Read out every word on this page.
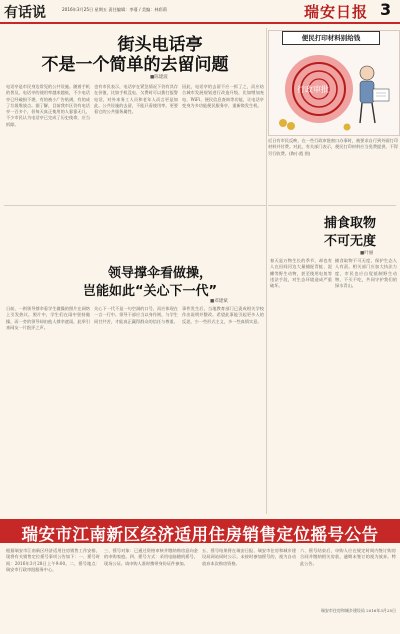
有话说	2016年3月25日 星期五 责任编辑：李蔓 / 美编：林彩莉	瑞安日报 3
街头电话亭
不是一个简单的去留问题
■陈建波
电话亭是市民身边常见的公共设施。随着手机的普及，电话亭的使用率越来越低，不少电话亭已经破损不堪，有的被小广告贴满，有的成了垃圾堆放点。据了解，目前我市区仍有电话亭一百多个，但每天真正使用的人寥寥无几，不少市民认为电话亭已完成了历史使命，应当拆除。
也有市民表示，电话亭在紧急情况下仍有其存在价值，比如手机没电、欠费时可以拨打报警电话，对外来务工人员和老年人而言更是如此。公共设施的去留，不能只看使用率，更要看它的公共服务属性。
因此，电话亭的去留不应一拆了之，而应结合城市发展规划进行改造升级，比如增加充电、WiFi、便民信息查询等功能，让电话亭变身为多功能便民服务亭，重新焕发生机。
行政审批
便民打印材料别给钱
近日有市民反映，在一些行政审批窗口办事时，被要求自行到外面打印材料并付费。对此，有关部门表示，便民打印材料应当免费提供，不得另行收费。(陶小霞 图)
捕食取物
不可无度
■叶丽
春天是万物生长的季节，却也有人在田间河边大量捕捉青蛙、泥鳅等野生动物，甚至使用电鱼等违法手段，对生态环境造成严重破坏。
捕食取物不可无度，保护生态人人有责。相关部门应加大执法力度，市民也应自觉抵制野生动物，不买不吃，共同守护我们的绿水青山。
领导撑伞看做操，
岂能如此“关心下一代”
■邓建斌
日前，一则领导撑伞看学生做操的照片在网络上引发热议。照片中，学生们在雨中坚持做操，而一旁的领导却由他人撑伞遮雨，此举引来网友一片批评之声。
关心下一代不是一句空洞的口号，而应体现在一言一行中。领导干部应当以身作则，与学生同甘共苦，才能真正赢得群众的信任与尊重。
事件发生后，当地教育部门已责成相关学校作出说明并整改。希望此事能引起更多人的反思，少一些形式主义，多一些真情实意。
瑞安市江南新区经济适用住房销售定位摇号公告
根据瑞安市江南新区经济适用住房销售工作安排，现将有关销售定位摇号事项公告如下：一、摇号时间：2016年3月28日上午9:00。二、摇号地点：瑞安市行政审批服务中心。
三、摇号对象：已通过资格审核并缴纳购房意向金的申购家庭。四、摇号方式：采用电脑随机摇号，现场公证。请申购人准时携带身份证件参加。
五、摇号结果将在瑞安日报、瑞安市住房和城乡建设局网站同时公示。未按时参加摇号的，视为自动放弃本次购房资格。
六、摇号结束后，申购人应在规定时间内签订购房合同并缴纳相关房款，逾期未签订的视为放弃。特此公告。
瑞安市住房和城乡建设局 2016年3月25日
